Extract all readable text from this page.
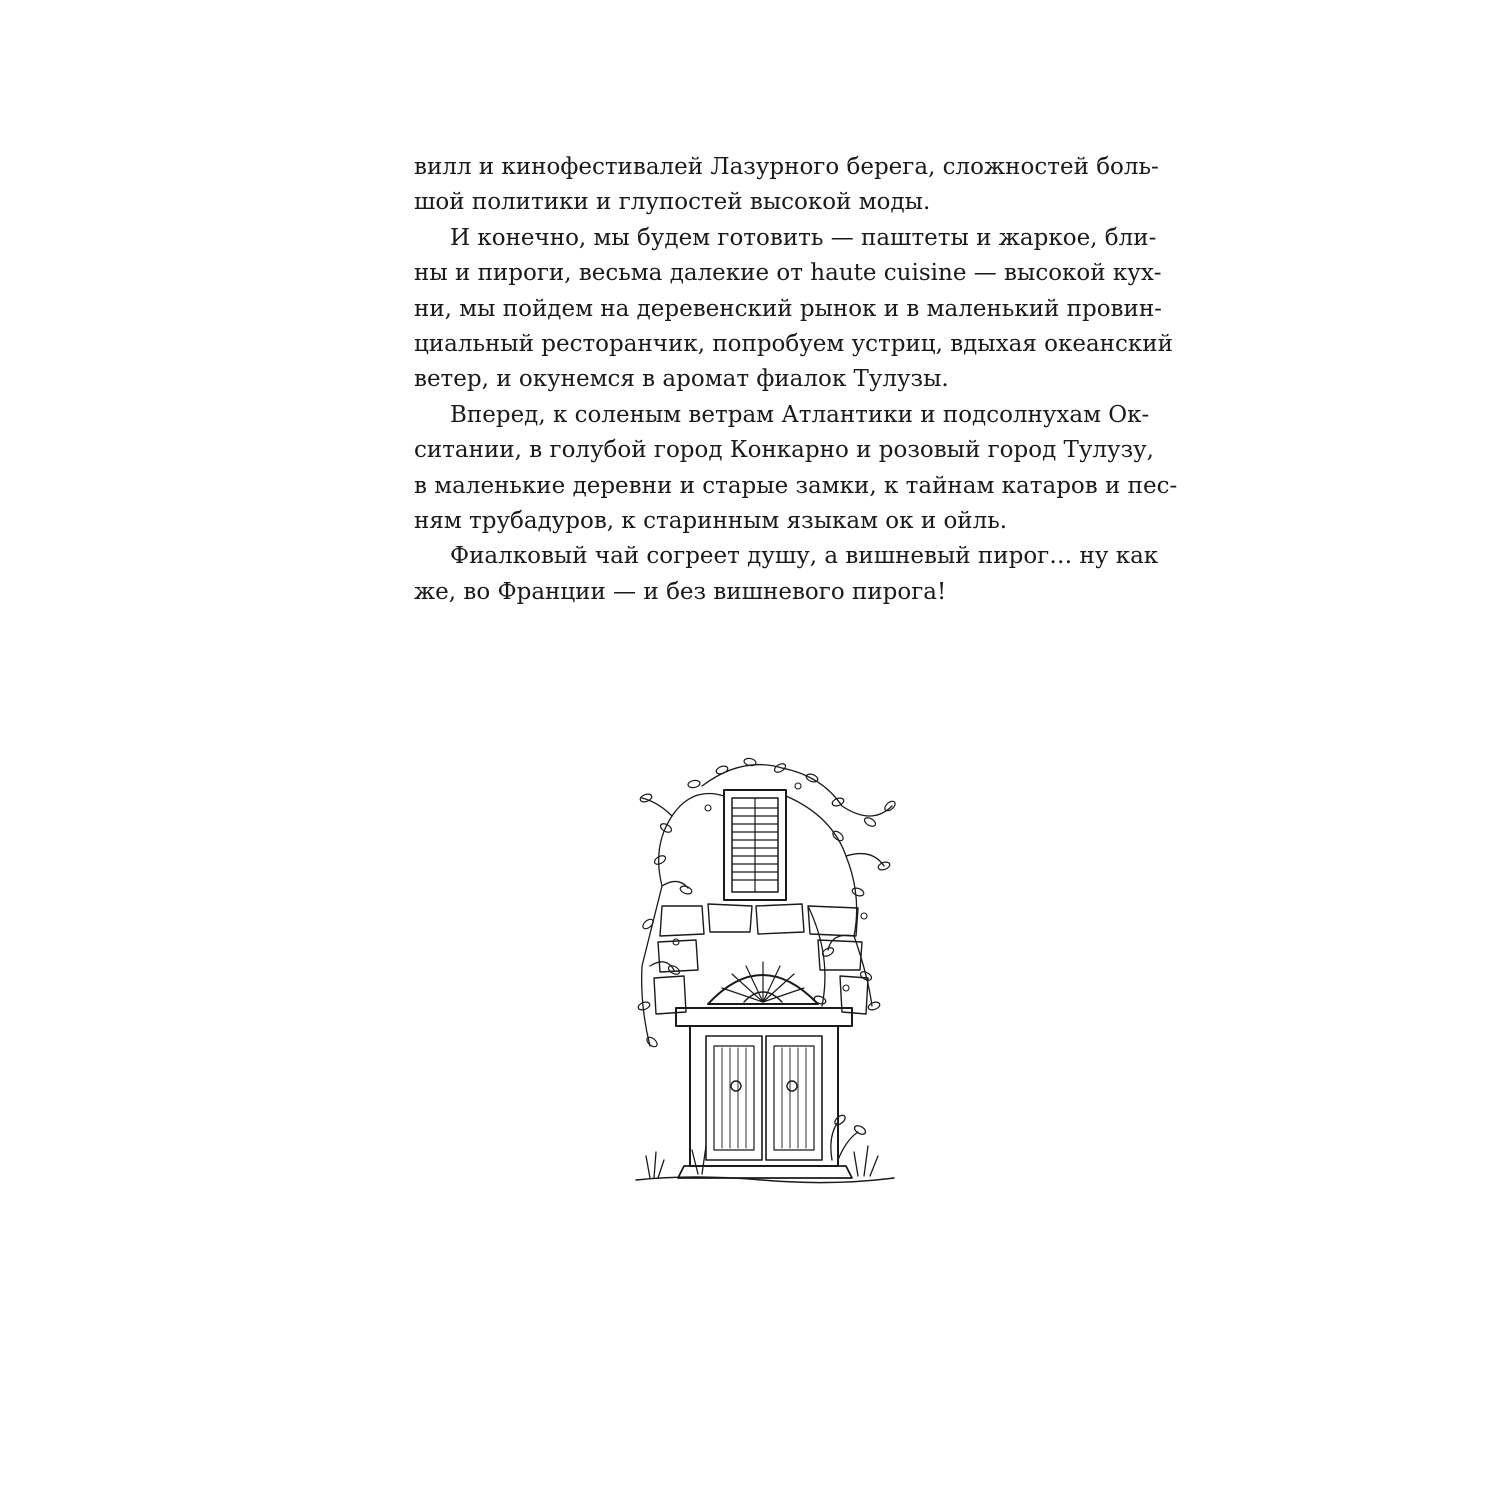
вилл и кинофестивалей Лазурного берега, сложностей боль-
шой политики и глупостей высокой моды.
И конечно, мы будем готовить — паштеты и жаркое, бли-
ны и пироги, весьма далекие от haute cuisine — высокой кух-
ни, мы пойдем на деревенский рынок и в маленький провин-
циальный ресторанчик, попробуем устриц, вдыхая океанский
ветер, и окунемся в аромат фиалок Тулузы.
Вперед, к соленым ветрам Атлантики и подсолнухам Ок-
ситании, в голубой город Конкарно и розовый город Тулузу,
в маленькие деревни и старые замки, к тайнам катаров и пес-
ням трубадуров, к старинным языкам ок и ойль.
Фиалковый чай согреет душу, а вишневый пирог… ну как
же, во Франции — и без вишневого пирога!
